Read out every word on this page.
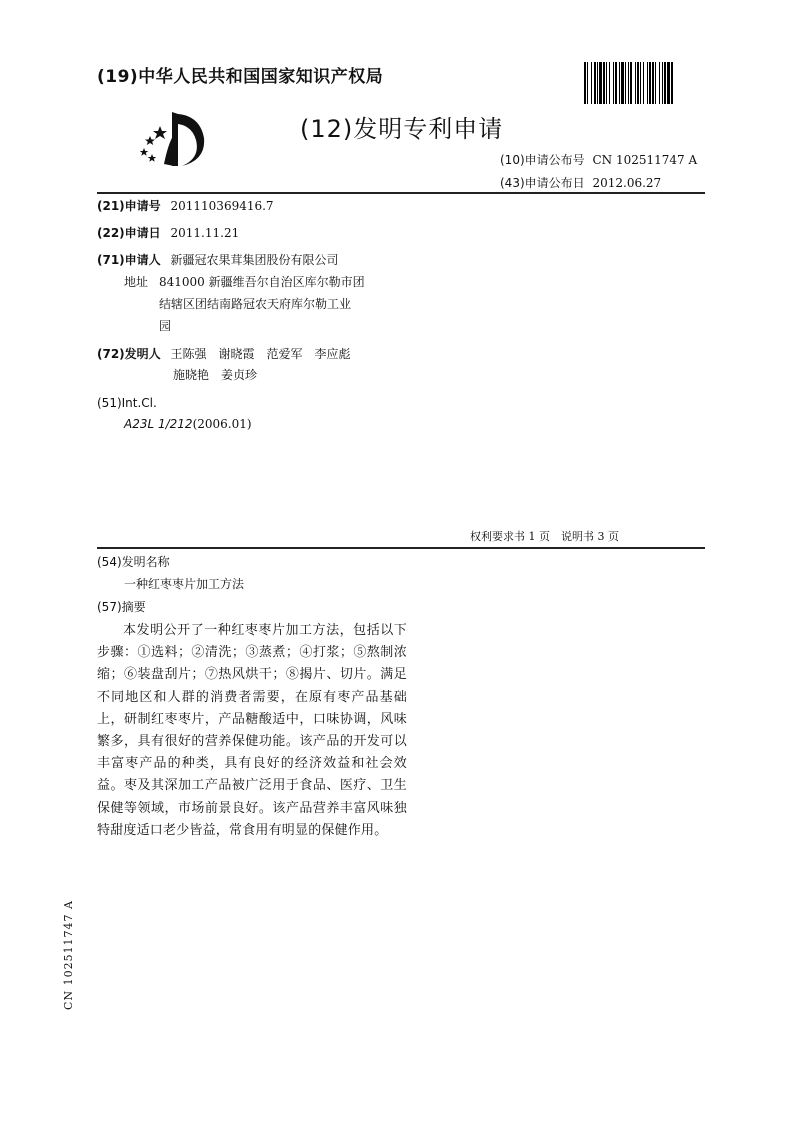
(19)中华人民共和国国家知识产权局
(12)发明专利申请
(10)申请公布号 CN 102511747 A
(43)申请公布日 2012.06.27
(21)申请号 201110369416.7
(22)申请日 2011.11.21
(71)申请人 新疆冠农果茸集团股份有限公司
地址 841000 新疆维吾尔自治区库尔勒市团
结辖区团结南路冠农天府库尔勒工业
园
(72)发明人 王陈强　谢晓霞　范爱军　李应彪
施晓艳　姜贞珍
(51)Int.Cl.
A23L 1/212(2006.01)
权利要求书 1 页　说明书 3 页
(54)发明名称
一种红枣枣片加工方法
(57)摘要
本发明公开了一种红枣枣片加工方法，包括以下步骤：①选料；②清洗；③蒸煮；④打浆；⑤熬制浓缩；⑥装盘刮片；⑦热风烘干；⑧揭片、切片。满足不同地区和人群的消费者需要，在原有枣产品基础上，研制红枣枣片，产品糖酸适中，口味协调，风味繁多，具有很好的营养保健功能。该产品的开发可以丰富枣产品的种类，具有良好的经济效益和社会效益。枣及其深加工产品被广泛用于食品、医疗、卫生保健等领域，市场前景良好。该产品营养丰富风味独特甜度适口老少皆益，常食用有明显的保健作用。
CN 102511747 A
